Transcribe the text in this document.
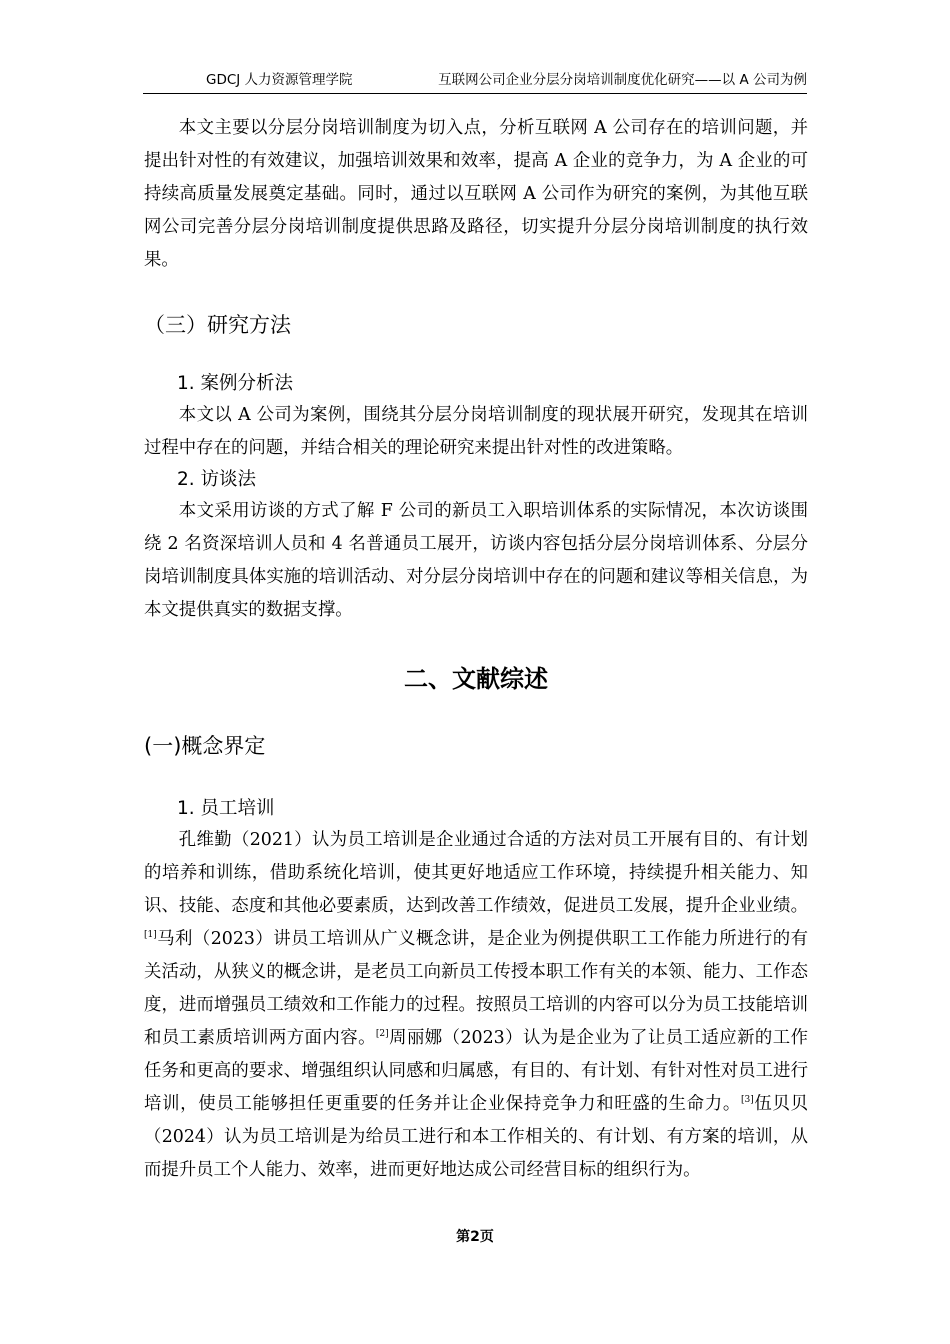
GDCJ 人力资源管理学院	互联网公司企业分层分岗培训制度优化研究——以 A 公司为例

本文主要以分层分岗培训制度为切入点，分析互联网 A 公司存在的培训问题，并提出针对性的有效建议，加强培训效果和效率，提高 A 企业的竞争力，为 A 企业的可持续高质量发展奠定基础。同时，通过以互联网 A 公司作为研究的案例，为其他互联网公司完善分层分岗培训制度提供思路及路径，切实提升分层分岗培训制度的执行效果。

（三）研究方法
1. 案例分析法

本文以 A 公司为案例，围绕其分层分岗培训制度的现状展开研究，发现其在培训过程中存在的问题，并结合相关的理论研究来提出针对性的改进策略。

2. 访谈法

本文采用访谈的方式了解 F 公司的新员工入职培训体系的实际情况，本次访谈围绕 2 名资深培训人员和 4 名普通员工展开，访谈内容包括分层分岗培训体系、分层分岗培训制度具体实施的培训活动、对分层分岗培训中存在的问题和建议等相关信息，为本文提供真实的数据支撑。

二、文献综述
(一)概念界定
1. 员工培训

孔维勤（2021）认为员工培训是企业通过合适的方法对员工开展有目的、有计划的培养和训练，借助系统化培训，使其更好地适应工作环境，持续提升相关能力、知识、技能、态度和其他必要素质，达到改善工作绩效，促进员工发展，提升企业业绩。[1]马利（2023）讲员工培训从广义概念讲，是企业为例提供职工工作能力所进行的有关活动，从狭义的概念讲，是老员工向新员工传授本职工作有关的本领、能力、工作态度，进而增强员工绩效和工作能力的过程。按照员工培训的内容可以分为员工技能培训和员工素质培训两方面内容。[2]周丽娜（2023）认为是企业为了让员工适应新的工作任务和更高的要求、增强组织认同感和归属感，有目的、有计划、有针对性对员工进行培训，使员工能够担任更重要的任务并让企业保持竞争力和旺盛的生命力。[3]伍贝贝（2024）认为员工培训是为给员工进行和本工作相关的、有计划、有方案的培训，从而提升员工个人能力、效率，进而更好地达成公司经营目标的组织行为。

第2页
